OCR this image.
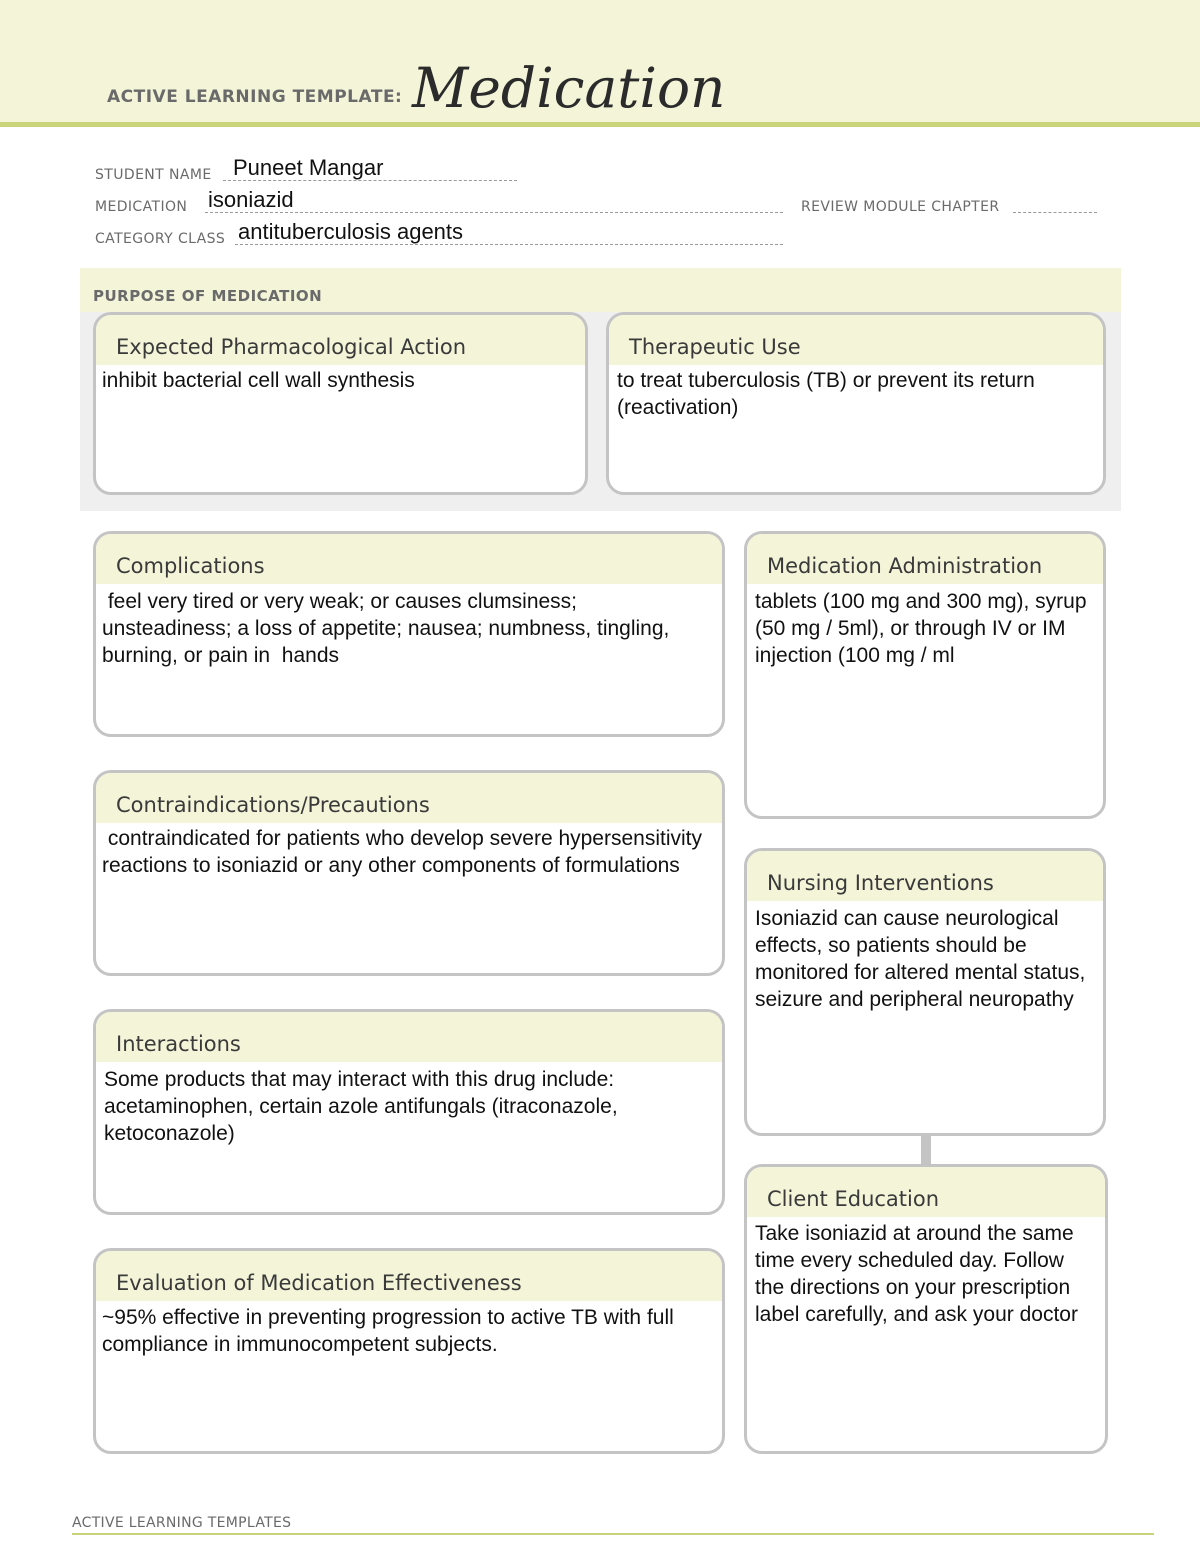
ACTIVE LEARNING TEMPLATE: Medication
STUDENT NAME Puneet Mangar
MEDICATION isoniazid	REVIEW MODULE CHAPTER
CATEGORY CLASS antituberculosis agents
PURPOSE OF MEDICATION
Expected Pharmacological Action
inhibit bacterial cell wall synthesis
Therapeutic Use
to treat tuberculosis (TB) or prevent its return (reactivation)
Complications
feel very tired or very weak; or causes clumsiness; unsteadiness; a loss of appetite; nausea; numbness, tingling, burning, or pain in  hands
Contraindications/Precautions
contraindicated for patients who develop severe hypersensitivity reactions to isoniazid or any other components of formulations
Interactions
Some products that may interact with this drug include: acetaminophen, certain azole antifungals (itraconazole, ketoconazole)
Evaluation of Medication Effectiveness
~95% effective in preventing progression to active TB with full compliance in immunocompetent subjects.
Medication Administration
tablets (100 mg and 300 mg), syrup (50 mg / 5ml), or through IV or IM injection (100 mg / ml
Nursing Interventions
Isoniazid can cause neurological effects, so patients should be monitored for altered mental status, seizure and peripheral neuropathy
Client Education
Take isoniazid at around the same time every scheduled day. Follow the directions on your prescription label carefully, and ask your doctor
ACTIVE LEARNING TEMPLATES
